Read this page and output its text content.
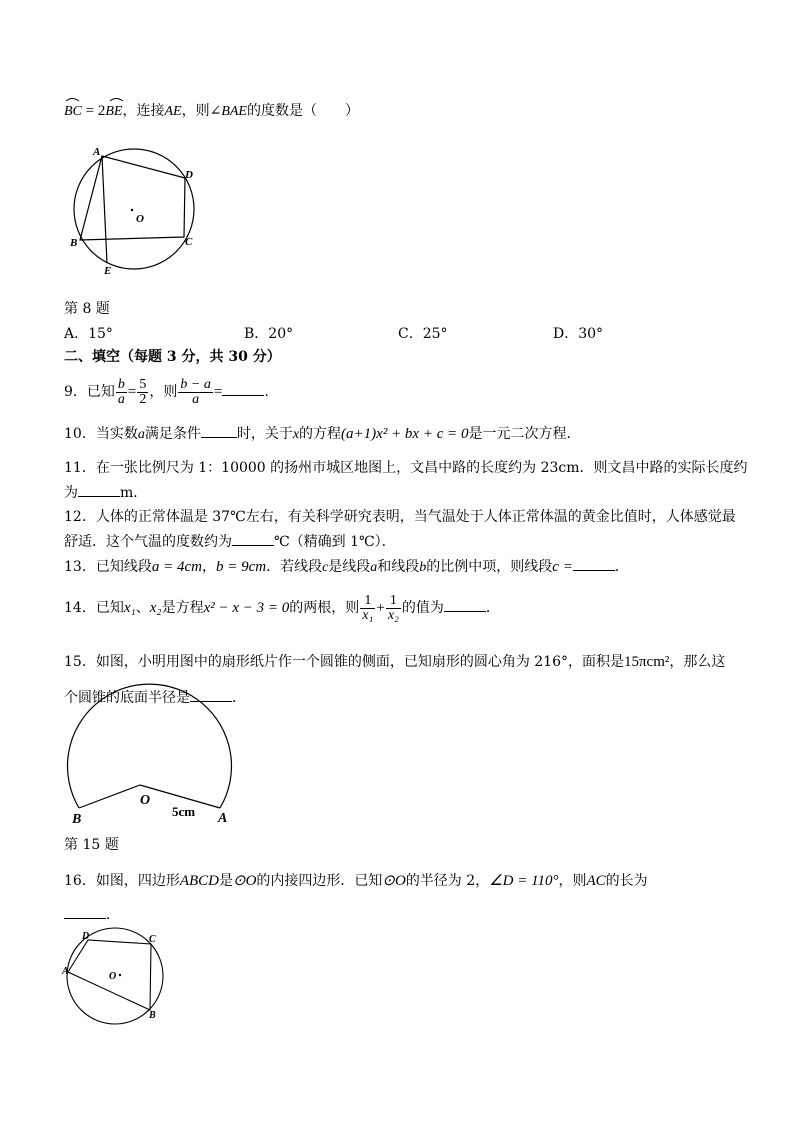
BC = 2BE，连接AE，则∠BAE的度数是（　　）
A
D
O
B	C
E
第 8 题
A．15°	B．20°	C．25°	D．30°
二、填空（每题 3 分，共 30 分）
9．已知 $\frac{b}{a} = \frac{5}{2}$ ，则 $\frac{b - a}{a}$ =	.
10．当实数a满足条件	时，关于x的方程(a+1)x² + bx + c = 0是一元二次方程．
11．在一张比例尺为 1：10000 的扬州市城区地图上，文昌中路的长度约为 23cm．则文昌中路的实际长度约
为	m．
12．人体的正常体温是 37℃左右，有关科学研究表明，当气温处于人体正常体温的黄金比值时，人体感觉最
舒适．这个气温的度数约为	℃（精确到 1℃）．
13．已知线段a = 4cm，b = 9cm．若线段c是线段a和线段b的比例中项，则线段c =	．
14．已知x₁、x₂是方程x² − x − 3 = 0的两根，则 $\frac{1}{\text{x₁}} + \frac{1}{\text{x₂}}$ 的值为	．
15．如图，小明用图中的扇形纸片作一个圆锥的侧面，已知扇形的圆心角为 216°，面积是15πcm²，那么这
个圆锥的底面半径是	．
O
B	A
5cm
第 15 题
16．如图，四边形ABCD是⊙O的内接四边形．已知⊙O的半径为 2，∠D = 110°，则AC的长为
．
D	C
A	O
B
